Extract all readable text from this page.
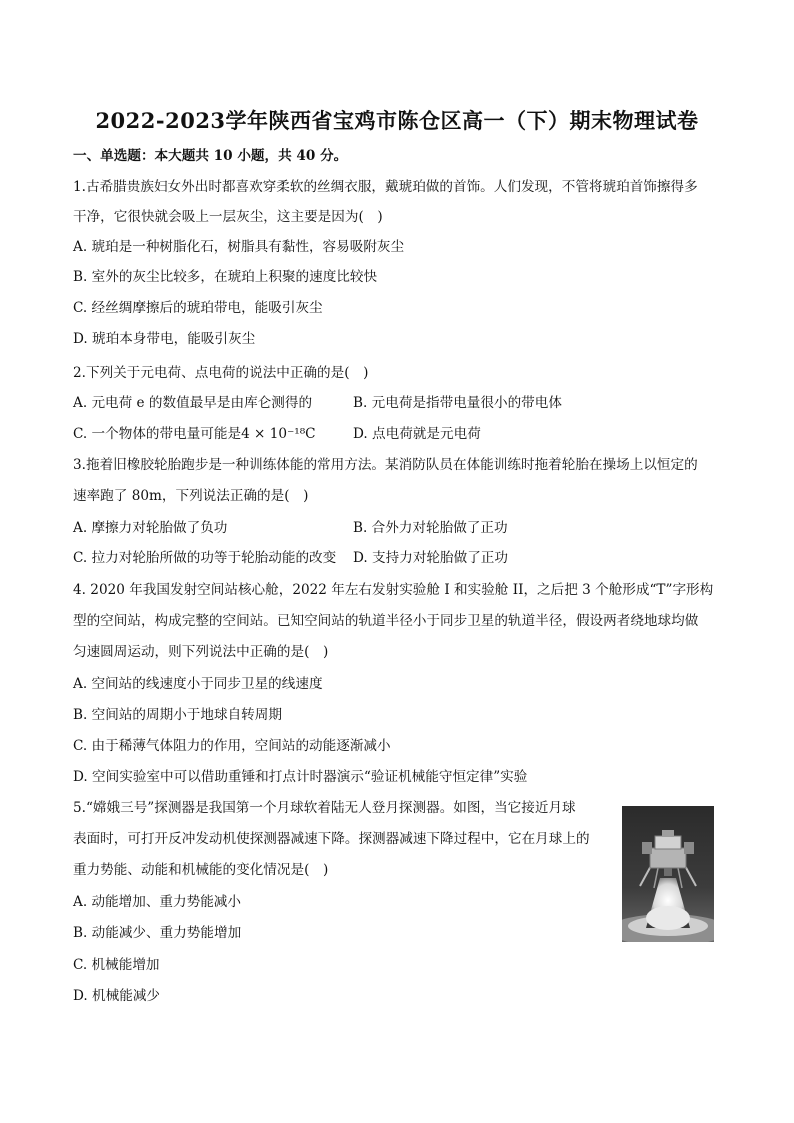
2022-2023学年陕西省宝鸡市陈仓区高一（下）期末物理试卷
一、单选题：本大题共 10 小题，共 40 分。
1.古希腊贵族妇女外出时都喜欢穿柔软的丝绸衣服，戴琥珀做的首饰。人们发现，不管将琥珀首饰擦得多
干净，它很快就会吸上一层灰尘，这主要是因为(　)
A. 琥珀是一种树脂化石，树脂具有黏性，容易吸附灰尘
B. 室外的灰尘比较多，在琥珀上积聚的速度比较快
C. 经丝绸摩擦后的琥珀带电，能吸引灰尘
D. 琥珀本身带电，能吸引灰尘
2.下列关于元电荷、点电荷的说法中正确的是(　)
A. 元电荷 e 的数值最早是由库仑测得的	B. 元电荷是指带电量很小的带电体
C. 一个物体的带电量可能是4 × 10⁻¹⁸C	D. 点电荷就是元电荷
3.拖着旧橡胶轮胎跑步是一种训练体能的常用方法。某消防队员在体能训练时拖着轮胎在操场上以恒定的
速率跑了 80m，下列说法正确的是(　)
A. 摩擦力对轮胎做了负功	B. 合外力对轮胎做了正功
C. 拉力对轮胎所做的功等于轮胎动能的改变 D. 支持力对轮胎做了正功
4. 2020 年我国发射空间站核心舱，2022 年左右发射实验舱 I 和实验舱 II，之后把 3 个舱形成“T”字形构
型的空间站，构成完整的空间站。已知空间站的轨道半径小于同步卫星的轨道半径，假设两者绕地球均做
匀速圆周运动，则下列说法中正确的是(　)
A. 空间站的线速度小于同步卫星的线速度
B. 空间站的周期小于地球自转周期
C. 由于稀薄气体阻力的作用，空间站的动能逐渐减小
D. 空间实验室中可以借助重锤和打点计时器演示“验证机械能守恒定律”实验
5.“嫦娥三号”探测器是我国第一个月球软着陆无人登月探测器。如图，当它接近月球
表面时，可打开反冲发动机使探测器减速下降。探测器减速下降过程中，它在月球上的
重力势能、动能和机械能的变化情况是(　)
A. 动能增加、重力势能减小
B. 动能减少、重力势能增加
C. 机械能增加
D. 机械能减少
